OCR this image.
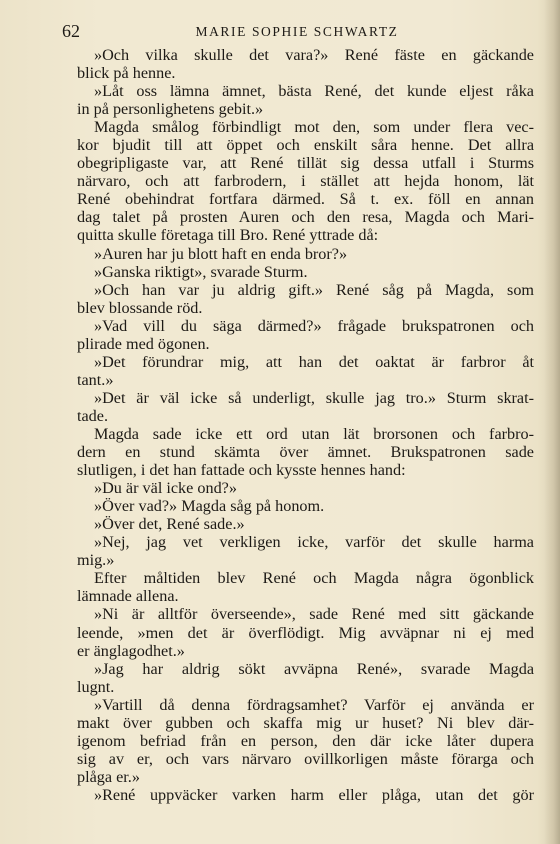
62	MARIE SOPHIE SCHWARTZ
»Och vilka skulle det vara?» René fäste en gäckande
blick på henne.
»Låt oss lämna ämnet, bästa René, det kunde eljest råka
in på personlighetens gebit.»
Magda smålog förbindligt mot den, som under flera vec-
kor bjudit till att öppet och enskilt såra henne. Det allra
obegripligaste var, att René tillät sig dessa utfall i Sturms
närvaro, och att farbrodern, i stället att hejda honom, lät
René obehindrat fortfara därmed. Så t. ex. föll en annan
dag talet på prosten Auren och den resa, Magda och Mari-
quitta skulle företaga till Bro. René yttrade då:
»Auren har ju blott haft en enda bror?»
»Ganska riktigt», svarade Sturm.
»Och han var ju aldrig gift.» René såg på Magda, som
blev blossande röd.
»Vad vill du säga därmed?» frågade brukspatronen och
plirade med ögonen.
»Det förundrar mig, att han det oaktat är farbror åt
tant.»
»Det är väl icke så underligt, skulle jag tro.» Sturm skrat-
tade.
Magda sade icke ett ord utan lät brorsonen och farbro-
dern en stund skämta över ämnet. Brukspatronen sade
slutligen, i det han fattade och kysste hennes hand:
»Du är väl icke ond?»
»Över vad?» Magda såg på honom.
»Över det, René sade.»
»Nej, jag vet verkligen icke, varför det skulle harma
mig.»
Efter måltiden blev René och Magda några ögonblick
lämnade allena.
»Ni är alltför överseende», sade René med sitt gäckande
leende, »men det är överflödigt. Mig avväpnar ni ej med
er änglagodhet.»
»Jag har aldrig sökt avväpna René», svarade Magda
lugnt.
»Vartill då denna fördragsamhet? Varför ej använda er
makt över gubben och skaffa mig ur huset? Ni blev där-
igenom befriad från en person, den där icke låter dupera
sig av er, och vars närvaro ovillkorligen måste förarga och
plåga er.»
»René uppväcker varken harm eller plåga, utan det gör
